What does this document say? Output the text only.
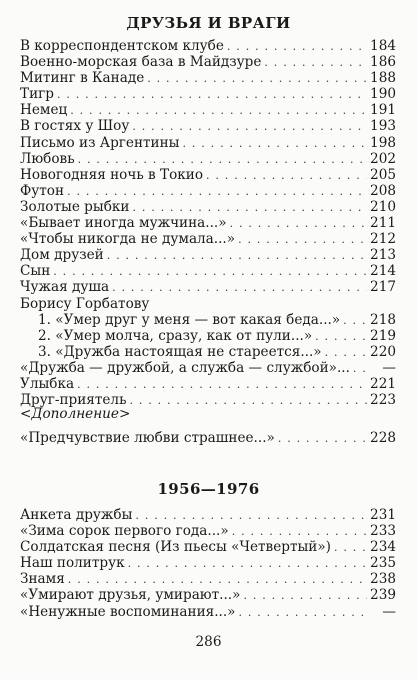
ДРУЗЬЯ И ВРАГИ
В корреспондентском клубе . . .	184
Военно-морская база в Майдзуре . . .	186
Митинг в Канаде . . .	188
Тигр . . .	190
Немец . . .	191
В гостях у Шоу . . .	193
Письмо из Аргентины . . .	198
Любовь . . .	202
Новогодняя ночь в Токио . . .	205
Футон . . .	208
Золотые рыбки . . .	210
«Бывает иногда мужчина...» . . .	211
«Чтобы никогда не думала...» . . .	212
Дом друзей . . .	213
Сын . . .	214
Чужая душа . . .	217
Борису Горбатову
1. «Умер друг у меня — вот какая беда...» . . . 218
2. «Умер молча, сразу, как от пули...» . . .	219
3. «Дружба настоящая не стареется...» . . .	220
«Дружба — дружбой, а служба — службой»... . . .	—
Улыбка . . .	221
Друг-приятель . . .	223
<Дополнение>
«Предчувствие любви страшнее...» . . .	228
1956—1976
Анкета дружбы . . .	231
«Зима сорок первого года...» . . .	233
Солдатская песня (Из пьесы «Четвертый») . . .	234
Наш политрук . . .	235
Знамя . . .	238
«Умирают друзья, умирают...» . . .	239
«Ненужные воспоминания...» . . .	—
286
